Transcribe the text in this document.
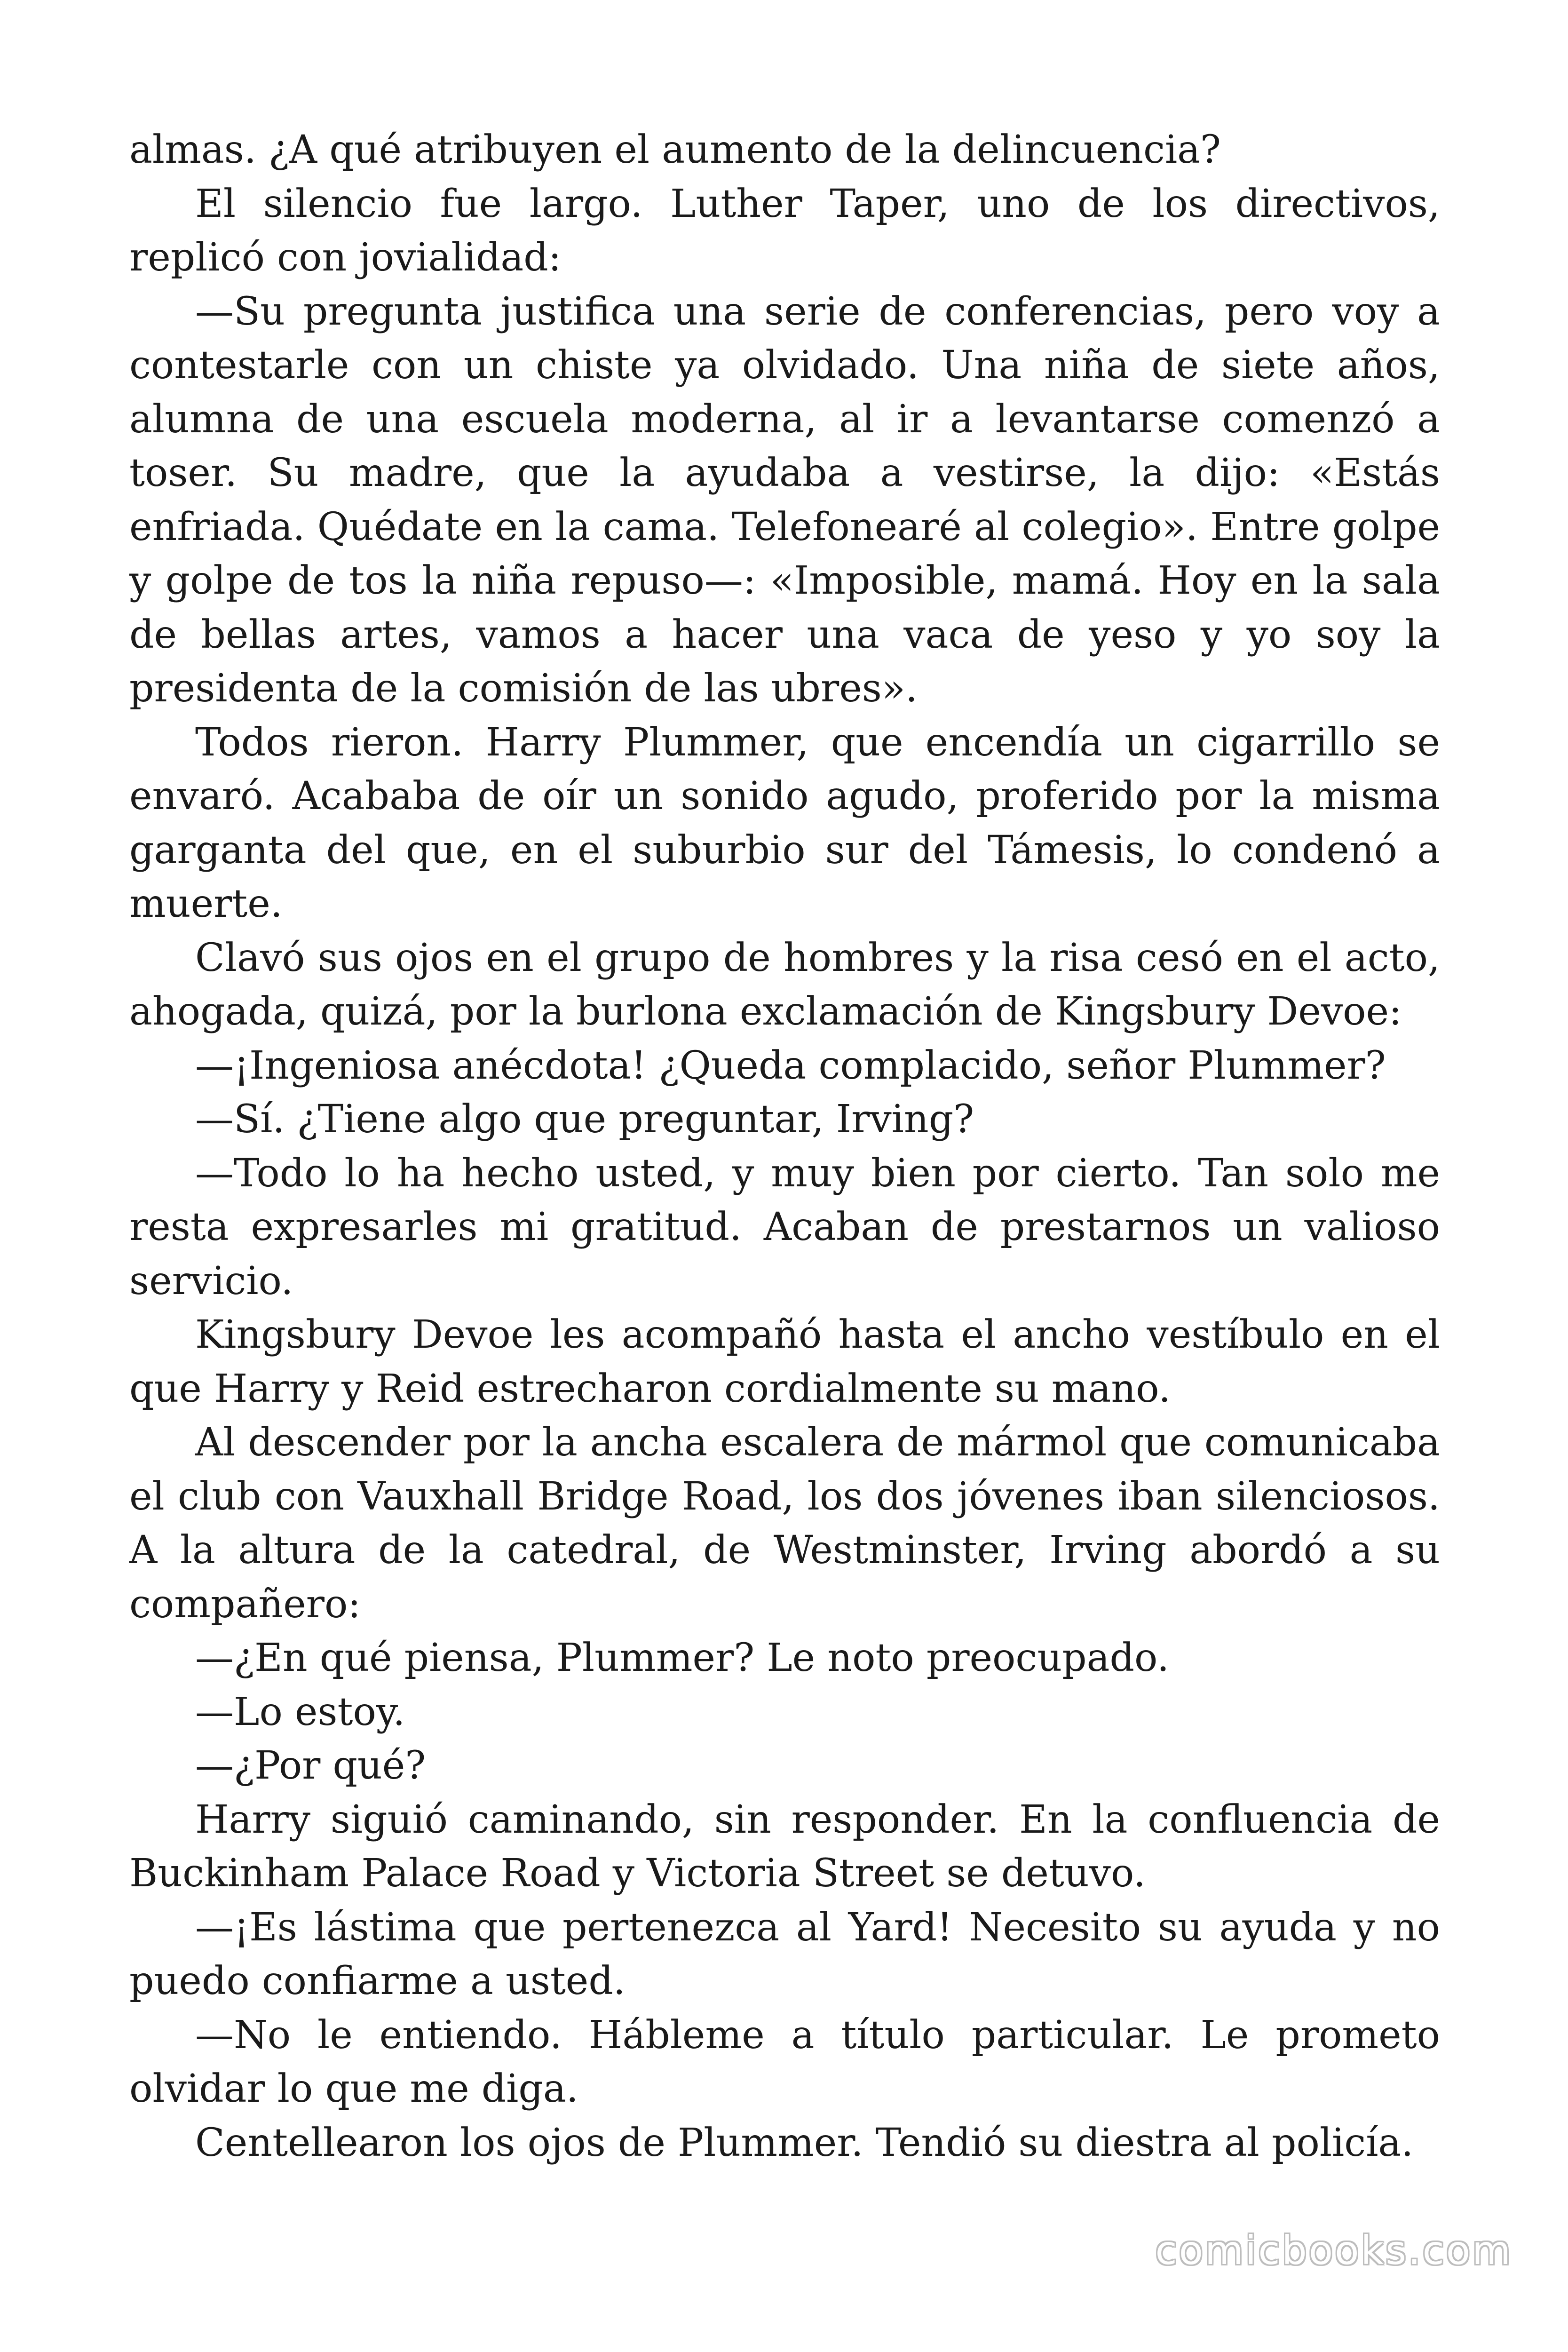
almas. ¿A qué atribuyen el aumento de la delincuencia?

El silencio fue largo. Luther Taper, uno de los directivos, replicó con jovialidad:

—Su pregunta justifica una serie de conferencias, pero voy a contestarle con un chiste ya olvidado. Una niña de siete años, alumna de una escuela moderna, al ir a levantarse comenzó a toser. Su madre, que la ayudaba a vestirse, la dijo: «Estás enfriada. Quédate en la cama. Telefonearé al colegio». Entre golpe y golpe de tos la niña repuso—: «Imposible, mamá. Hoy en la sala de bellas artes, vamos a hacer una vaca de yeso y yo soy la presidenta de la comisión de las ubres».

Todos rieron. Harry Plummer, que encendía un cigarrillo se envaró. Acababa de oír un sonido agudo, proferido por la misma garganta del que, en el suburbio sur del Támesis, lo condenó a muerte.

Clavó sus ojos en el grupo de hombres y la risa cesó en el acto, ahogada, quizá, por la burlona exclamación de Kingsbury Devoe:

—¡Ingeniosa anécdota! ¿Queda complacido, señor Plummer?

—Sí. ¿Tiene algo que preguntar, Irving?

—Todo lo ha hecho usted, y muy bien por cierto. Tan solo me resta expresarles mi gratitud. Acaban de prestarnos un valioso servicio.

Kingsbury Devoe les acompañó hasta el ancho vestíbulo en el que Harry y Reid estrecharon cordialmente su mano.

Al descender por la ancha escalera de mármol que comunicaba el club con Vauxhall Bridge Road, los dos jóvenes iban silenciosos. A la altura de la catedral, de Westminster, Irving abordó a su compañero:

—¿En qué piensa, Plummer? Le noto preocupado.

—Lo estoy.

—¿Por qué?

Harry siguió caminando, sin responder. En la confluencia de Buckinham Palace Road y Victoria Street se detuvo.

—¡Es lástima que pertenezca al Yard! Necesito su ayuda y no puedo confiarme a usted.

—No le entiendo. Hábleme a título particular. Le prometo olvidar lo que me diga.

Centellearon los ojos de Plummer. Tendió su diestra al policía.

comicbooks.com
